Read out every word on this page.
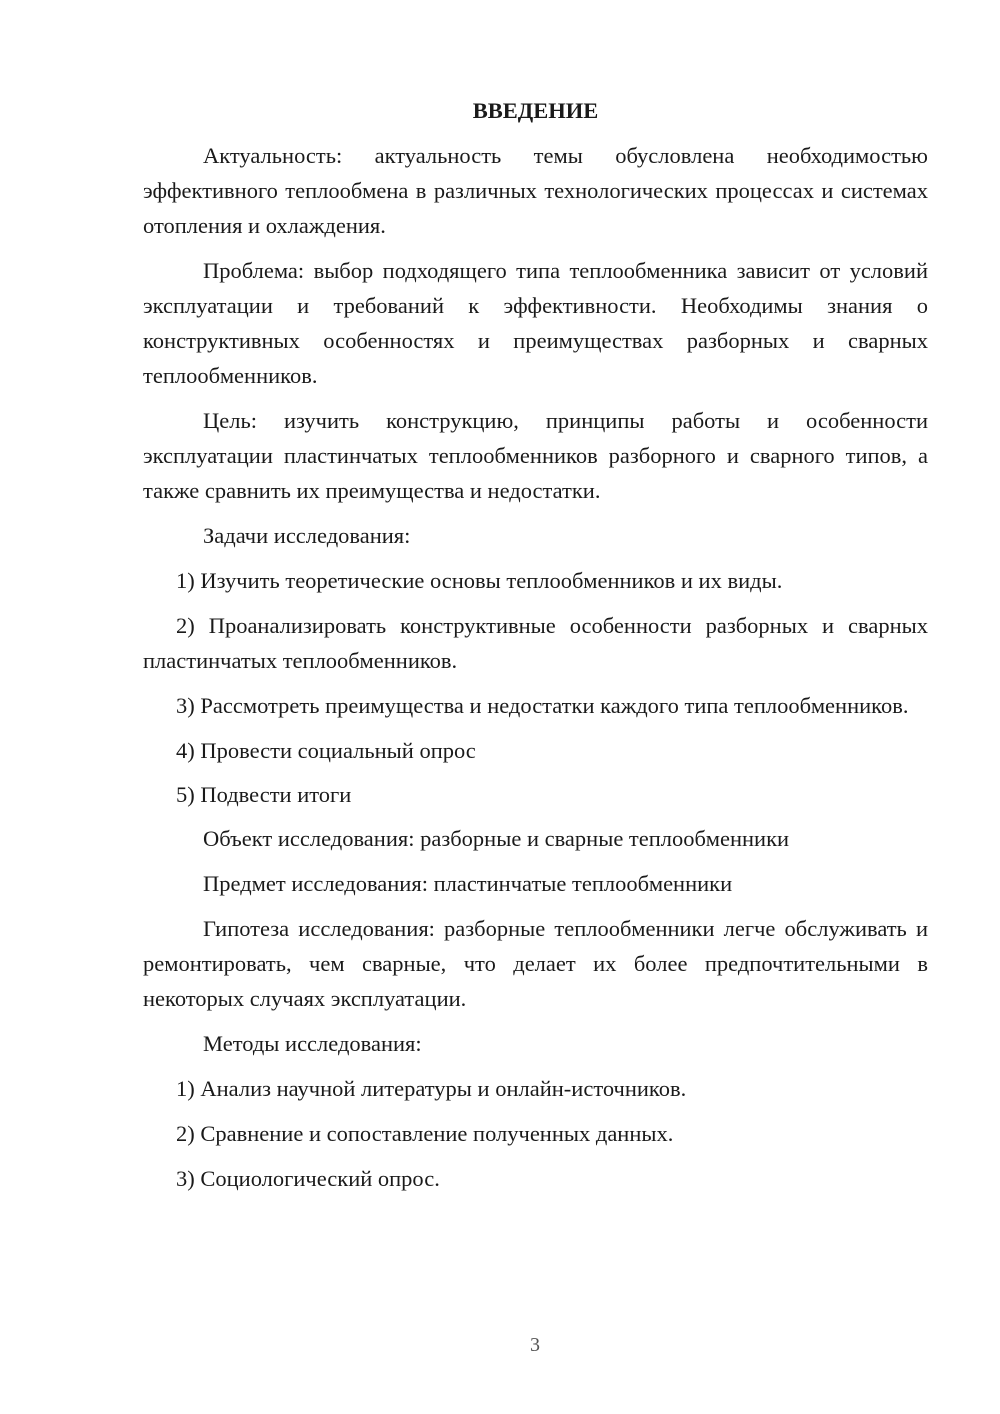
ВВЕДЕНИЕ

Актуальность: актуальность темы обусловлена необходимостью эффективного теплообмена в различных технологических процессах и системах отопления и охлаждения.

Проблема: выбор подходящего типа теплообменника зависит от условий эксплуатации и требований к эффективности. Необходимы знания о конструктивных особенностях и преимуществах разборных и сварных теплообменников.

Цель: изучить конструкцию, принципы работы и особенности эксплуатации пластинчатых теплообменников разборного и сварного типов, а также сравнить их преимущества и недостатки.

Задачи исследования:

1) Изучить теоретические основы теплообменников и их виды.

2) Проанализировать конструктивные особенности разборных и сварных пластинчатых теплообменников.

3) Рассмотреть преимущества и недостатки каждого типа теплообменников.

4) Провести социальный опрос

5) Подвести итоги

Объект исследования: разборные и сварные теплообменники

Предмет исследования: пластинчатые теплообменники

Гипотеза исследования: разборные теплообменники легче обслуживать и ремонтировать, чем сварные, что делает их более предпочтительными в некоторых случаях эксплуатации.

Методы исследования:

1) Анализ научной литературы и онлайн-источников.

2) Сравнение и сопоставление полученных данных.

3) Социологический опрос.

3
